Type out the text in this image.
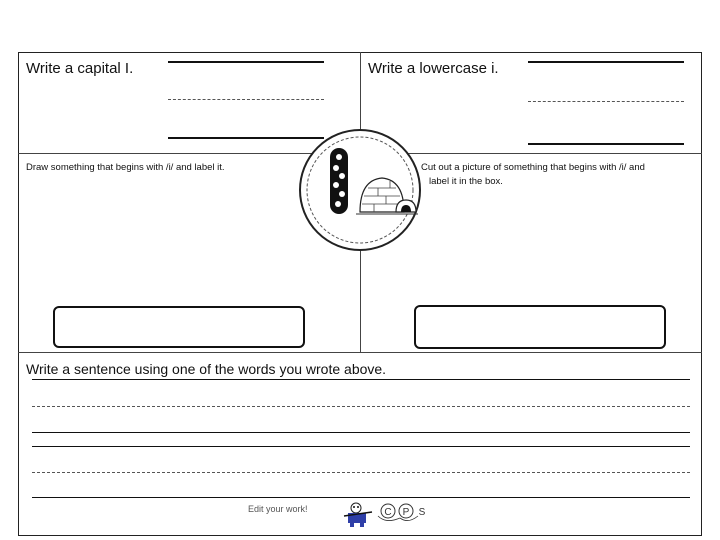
Write a capital I.	Write a lowercase i.
Draw something that begins with /i/ and label it.	Cut out a picture of something that begins with /i/ and
label it in the box.
Write a sentence using one of the words you wrote above.
Edit your work!	C P S
